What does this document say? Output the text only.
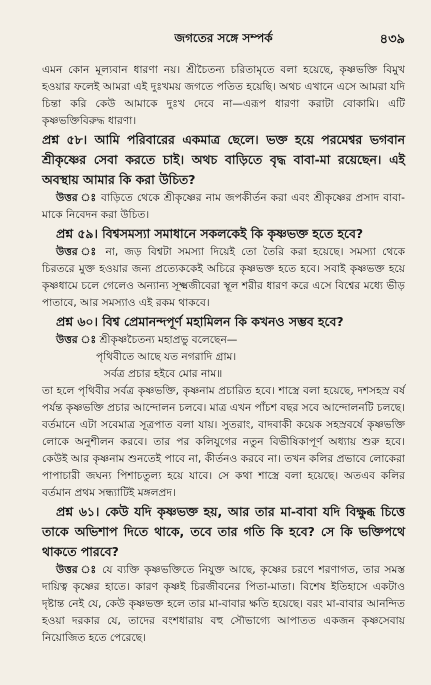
জগতের সঙ্গে সম্পর্ক	৪৩৯

এমন কোন মূল্যবান ধারণা নয়। শ্রীচৈতন্য চরিতামৃতে বলা হয়েছে, কৃষ্ণভক্তি বিমুখ হওয়ার ফলেই আমরা এই দুঃখময় জগতে পতিত হয়েছি। অথচ এখানে এসে আমরা যদি চিন্তা করি কেউ আমাকে দুঃখ দেবে না—এরূপ ধারণা করাটা বোকামি। এটি কৃষ্ণভক্তিবিরুদ্ধ ধারণা।

প্রশ্ন ৫৮। আমি পরিবারের একমাত্র ছেলে। ভক্ত হয়ে পরমেশ্বর ভগবান শ্রীকৃষ্ণের সেবা করতে চাই। অথচ বাড়িতে বৃদ্ধ বাবা-মা রয়েছেন। এই অবস্থায় আমার কি করা উচিত?

উত্তর ঃ বাড়িতে থেকে শ্রীকৃষ্ণের নাম জপকীর্তন করা এবং শ্রীকৃষ্ণের প্রসাদ বাবা-মাকে নিবেদন করা উচিত।

প্রশ্ন ৫৯। বিশ্বসমস্যা সমাধানে সকলকেই কি কৃষ্ণভক্ত হতে হবে?

উত্তর ঃ না, জড় বিশ্বটা সমস্যা দিয়েই তো তৈরি করা হয়েছে। সমস্যা থেকে চিরতরে মুক্ত হওয়ার জন্য প্রত্যেককেই অচিরে কৃষ্ণভক্ত হতে হবে। সবাই কৃষ্ণভক্ত হয়ে কৃষ্ণধামে চলে গেলেও অন্যান্য সূক্ষ্মজীবেরা স্থূল শরীর ধারণ করে এসে বিশ্বের মধ্যে ভীড় পাতাবে, আর সমস্যাও এই রকম থাকবে।

প্রশ্ন ৬০। বিশ্ব প্রেমানন্দপূর্ণ মহামিলন কি কখনও সম্ভব হবে?

উত্তর ঃ শ্রীকৃষ্ণচৈতন্য মহাপ্রভু বলেছেন—

পৃথিবীতে আছে যত নগরাদি গ্রাম।

সর্বত্র প্রচার হইবে মোর নাম॥

তা হলে পৃথিবীর সর্বত্র কৃষ্ণভক্তি, কৃষ্ণনাম প্রচারিত হবে। শাস্ত্রে বলা হয়েছে, দশসহস্র বর্ষ পর্যন্ত কৃষ্ণভক্তি প্রচার আন্দোলন চলবে। মাত্র এখন পাঁচশ বছর সবে আন্দোলনটি চলছে। বর্তমানে এটা সবেমাত্র সূত্রপাত বলা যায়। সুতরাং, বাদবাকী কয়েক সহস্রবর্ষে কৃষ্ণভক্তি লোকে অনুশীলন করবে। তার পর কলিযুগের নতুন বিভীষিকাপূর্ণ অধ্যায় শুরু হবে। কেউই আর কৃষ্ণনাম শুনতেই পাবে না, কীর্তনও করবে না। তখন কলির প্রভাবে লোকেরা পাপাচারী জঘন্য পিশাচতুল্য হয়ে যাবে। সে কথা শাস্ত্রে বলা হয়েছে। অতএব কলির বর্তমান প্রথম সন্ধ্যাটিই মঙ্গলপ্রদ।

প্রশ্ন ৬১। কেউ যদি কৃষ্ণভক্ত হয়, আর তার মা-বাবা যদি বিক্ষুব্ধ চিত্তে তাকে অভিশাপ দিতে থাকে, তবে তার গতি কি হবে? সে কি ভক্তিপথে থাকতে পারবে?

উত্তর ঃ যে ব্যক্তি কৃষ্ণভক্তিতে নিযুক্ত আছে, কৃষ্ণের চরণে শরণাগত, তার সমস্ত দায়িত্ব কৃষ্ণের হাতে। কারণ কৃষ্ণই চিরজীবনের পিতা-মাতা। বিশেষ ইতিহাসে একটাও দৃষ্টান্ত নেই যে, কেউ কৃষ্ণভক্ত হলে তার মা-বাবার ক্ষতি হয়েছে। বরং মা-বাবার আনন্দিত হওয়া দরকার যে, তাদের বংশধারায় বহু সৌভাগ্যে আপাতত একজন কৃষ্ণসেবায় নিয়োজিত হতে পেরেছে।
